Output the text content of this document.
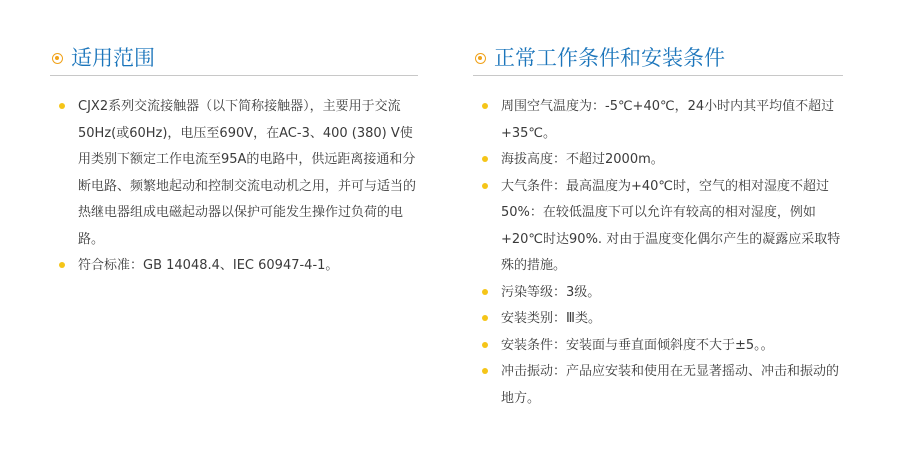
适用范围
CJX2系列交流接触器（以下简称接触器），主要用于交流50Hz(或60Hz)，电压至690V，在AC-3、400 (380) V使用类别下额定工作电流至95A的电路中，供远距离接通和分断电路、频繁地起动和控制交流电动机之用，并可与适当的热继电器组成电磁起动器以保护可能发生操作过负荷的电路。
符合标准：GB 14048.4、IEC 60947-4-1。
正常工作条件和安装条件
周围空气温度为：-5℃+40℃，24小时内其平均值不超过+35℃。
海拔高度：不超过2000m。
大气条件：最高温度为+40℃时，空气的相对湿度不超过50%：在较低温度下可以允许有较高的相对湿度，例如+20℃时达90%. 对由于温度变化偶尔产生的凝露应采取特殊的措施。
污染等级：3级。
安装类别：Ⅲ类。
安装条件：安装面与垂直面倾斜度不大于±5。。
冲击振动：产品应安装和使用在无显著摇动、冲击和振动的地方。
